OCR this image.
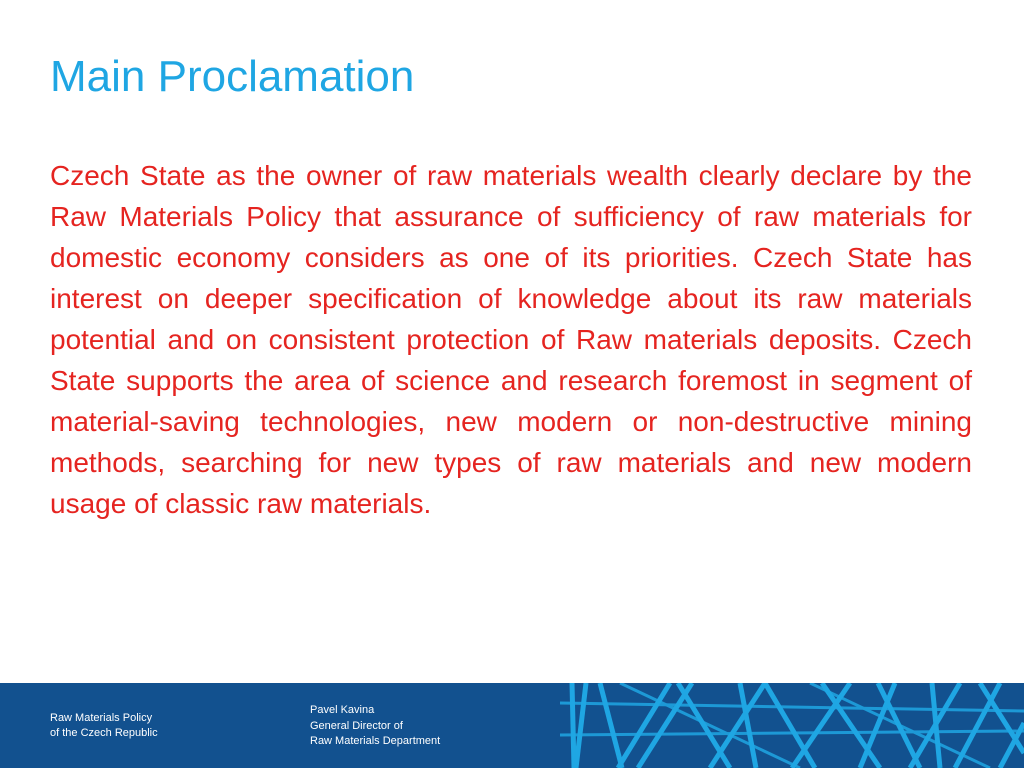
Main Proclamation

Czech State as the owner of raw materials wealth clearly declare by the Raw Materials Policy that assurance of sufficiency of raw materials for domestic economy considers as one of its priorities. Czech State has interest on deeper specification of knowledge about its raw materials potential and on consistent protection of Raw materials deposits. Czech State supports the area of science and research foremost in segment of material-saving technologies, new modern or non-destructive mining methods, searching for new types of raw materials and new modern usage of classic raw materials.

Raw Materials Policy
of the Czech Republic
Pavel Kavina
General Director of
Raw Materials Department
